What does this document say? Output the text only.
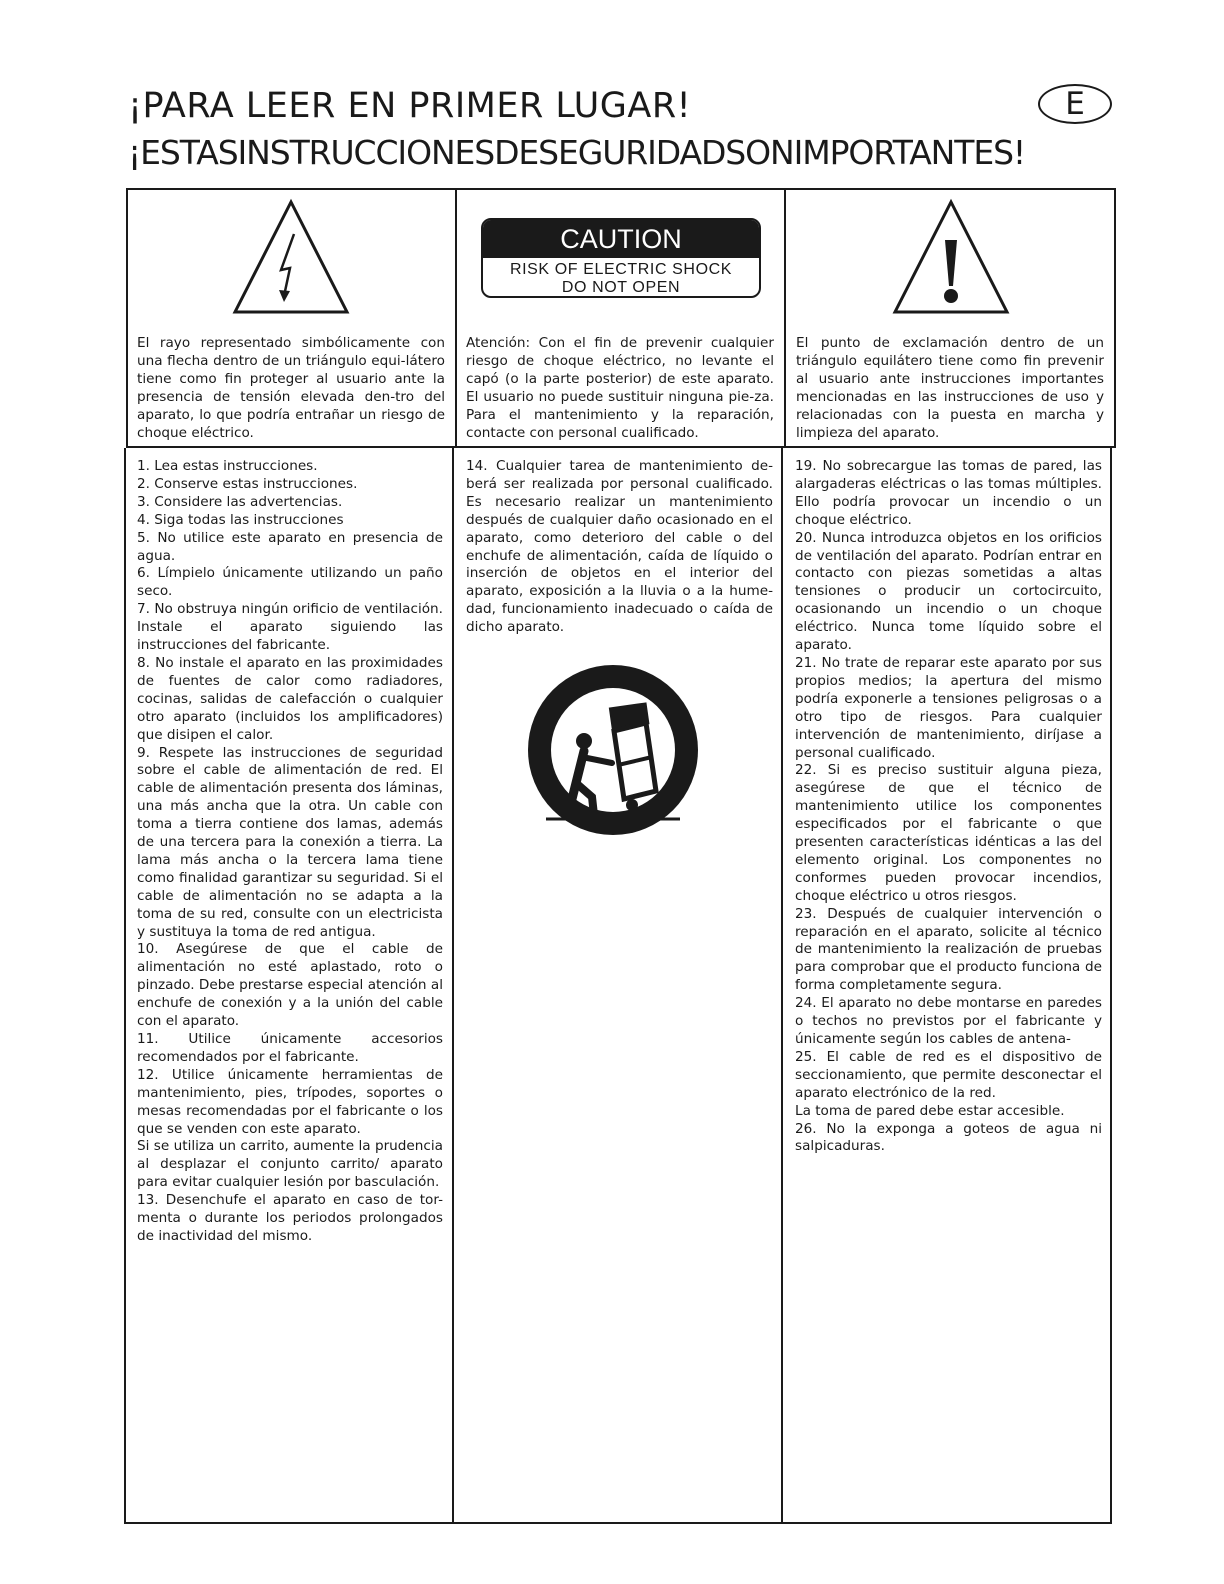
¡PARA LEER EN PRIMER LUGAR!
¡ESTASINSTRUCCIONESDESEGURIDADSONIMPORTANTES!
E
CAUTION
RISK OF ELECTRIC SHOCK
DO NOT OPEN
El rayo representado simbólicamente con una flecha dentro de un triángulo equi-látero tiene como fin proteger al usuario ante la presencia de tensión elevada den-tro del aparato, lo que podría entrañar un riesgo de choque eléctrico.
Atención: Con el fin de prevenir cualquier riesgo de choque eléctrico, no levante el capó (o la parte posterior) de este aparato. El usuario no puede sustituir ninguna pie-za. Para el mantenimiento y la reparación, contacte con personal cualificado.
El punto de exclamación dentro de un triángulo equilátero tiene como fin prevenir al usuario ante instrucciones importantes mencionadas en las instrucciones de uso y relacionadas con la puesta en marcha y limpieza del aparato.

1. Lea estas instrucciones.

2. Conserve estas instrucciones.

3. Considere las advertencias.

4. Siga todas las instrucciones

5. No utilice este aparato en presencia de agua.

6. Límpielo únicamente utilizando un paño seco.

7. No obstruya ningún orificio de ventilación. Instale el aparato siguiendo las instrucciones del fabricante.

8. No instale el aparato en las proximidades de fuentes de calor como radiadores, cocinas, salidas de calefacción o cualquier otro aparato (incluidos los amplificadores) que disipen el calor.

9. Respete las instrucciones de seguridad sobre el cable de alimentación de red. El cable de alimentación presenta dos láminas, una más ancha que la otra. Un cable con toma a tierra contiene dos lamas, además de una tercera para la conexión a tierra. La lama más ancha o la tercera lama tiene como finalidad garantizar su seguridad. Si el cable de alimentación no se adapta a la toma de su red, consulte con un electricista y sustituya la toma de red antigua.

10. Asegúrese de que el cable de alimentación no esté aplastado, roto o pinzado. Debe prestarse especial atención al enchufe de conexión y a la unión del cable con el aparato.

11. Utilice únicamente accesorios recomendados por el fabricante.

12. Utilice únicamente herramientas de mantenimiento, pies, trípodes, soportes o mesas recomendadas por el fabricante o los que se venden con este aparato.

Si se utiliza un carrito, aumente la prudencia al desplazar el conjunto carrito/ aparato para evitar cualquier lesión por basculación.

13. Desenchufe el aparato en caso de tor-menta o durante los periodos prolongados de inactividad del mismo.

14. Cualquier tarea de mantenimiento de-berá ser realizada por personal cualificado. Es necesario realizar un mantenimiento después de cualquier daño ocasionado en el aparato, como deterioro del cable o del enchufe de alimentación, caída de líquido o inserción de objetos en el interior del aparato, exposición a la lluvia o a la hume-dad, funcionamiento inadecuado o caída de dicho aparato.

19. No sobrecargue las tomas de pared, las alargaderas eléctricas o las tomas múltiples. Ello podría provocar un incendio o un choque eléctrico.

20. Nunca introduzca objetos en los orificios de ventilación del aparato. Podrían entrar en contacto con piezas sometidas a altas tensiones o producir un cortocircuito, ocasionando un incendio o un choque eléctrico. Nunca tome líquido sobre el aparato.

21. No trate de reparar este aparato por sus propios medios; la apertura del mismo podría exponerle a tensiones peligrosas o a otro tipo de riesgos. Para cualquier intervención de mantenimiento, diríjase a personal cualificado.

22. Si es preciso sustituir alguna pieza, asegúrese de que el técnico de mantenimiento utilice los componentes especificados por el fabricante o que presenten características idénticas a las del elemento original. Los componentes no conformes pueden provocar incendios, choque eléctrico u otros riesgos.

23. Después de cualquier intervención o reparación en el aparato, solicite al técnico de mantenimiento la realización de pruebas para comprobar que el producto funciona de forma completamente segura.

24. El aparato no debe montarse en paredes o techos no previstos por el fabricante y únicamente según los cables de antena-

25. El cable de red es el dispositivo de seccionamiento, que permite desconectar el aparato electrónico de la red.

La toma de pared debe estar accesible.

26. No la exponga a goteos de agua ni salpicaduras.
